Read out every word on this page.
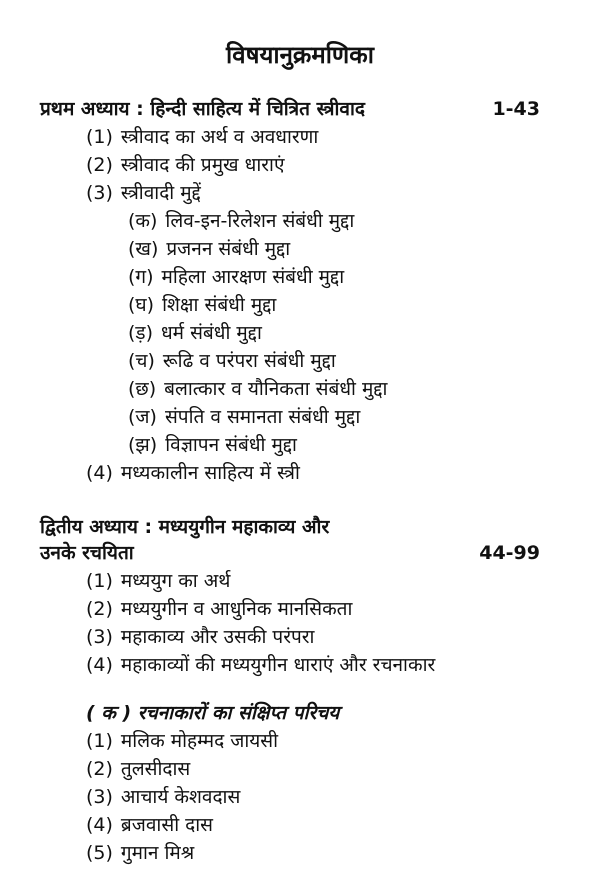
विषयानुक्रमणिका
प्रथम अध्याय : हिन्दी साहित्य में चित्रित स्त्रीवाद	1-43
(1) स्त्रीवाद का अर्थ व अवधारणा
(2) स्त्रीवाद की प्रमुख धाराएं
(3) स्त्रीवादी मुद्दें
(क) लिव-इन-रिलेशन संबंधी मुद्दा
(ख) प्रजनन संबंधी मुद्दा
(ग) महिला आरक्षण संबंधी मुद्दा
(घ) शिक्षा संबंधी मुद्दा
(ड़) धर्म संबंधी मुद्दा
(च) रूढि व परंपरा संबंधी मुद्दा
(छ) बलात्कार व यौनिकता संबंधी मुद्दा
(ज) संपति व समानता संबंधी मुद्दा
(झ) विज्ञापन संबंधी मुद्दा
(4) मध्यकालीन साहित्य में स्त्री
द्वितीय अध्याय : मध्ययुगीन महाकाव्य और
उनके रचयिता	44-99
(1) मध्ययुग का अर्थ
(2) मध्ययुगीन व आधुनिक मानसिकता
(3) महाकाव्य और उसकी परंपरा
(4) महाकाव्यों की मध्ययुगीन धाराएं और रचनाकार
( क ) रचनाकारों का संक्षिप्त परिचय
(1) मलिक मोहम्मद जायसी
(2) तुलसीदास
(3) आचार्य केशवदास
(4) ब्रजवासी दास
(5) गुमान मिश्र
